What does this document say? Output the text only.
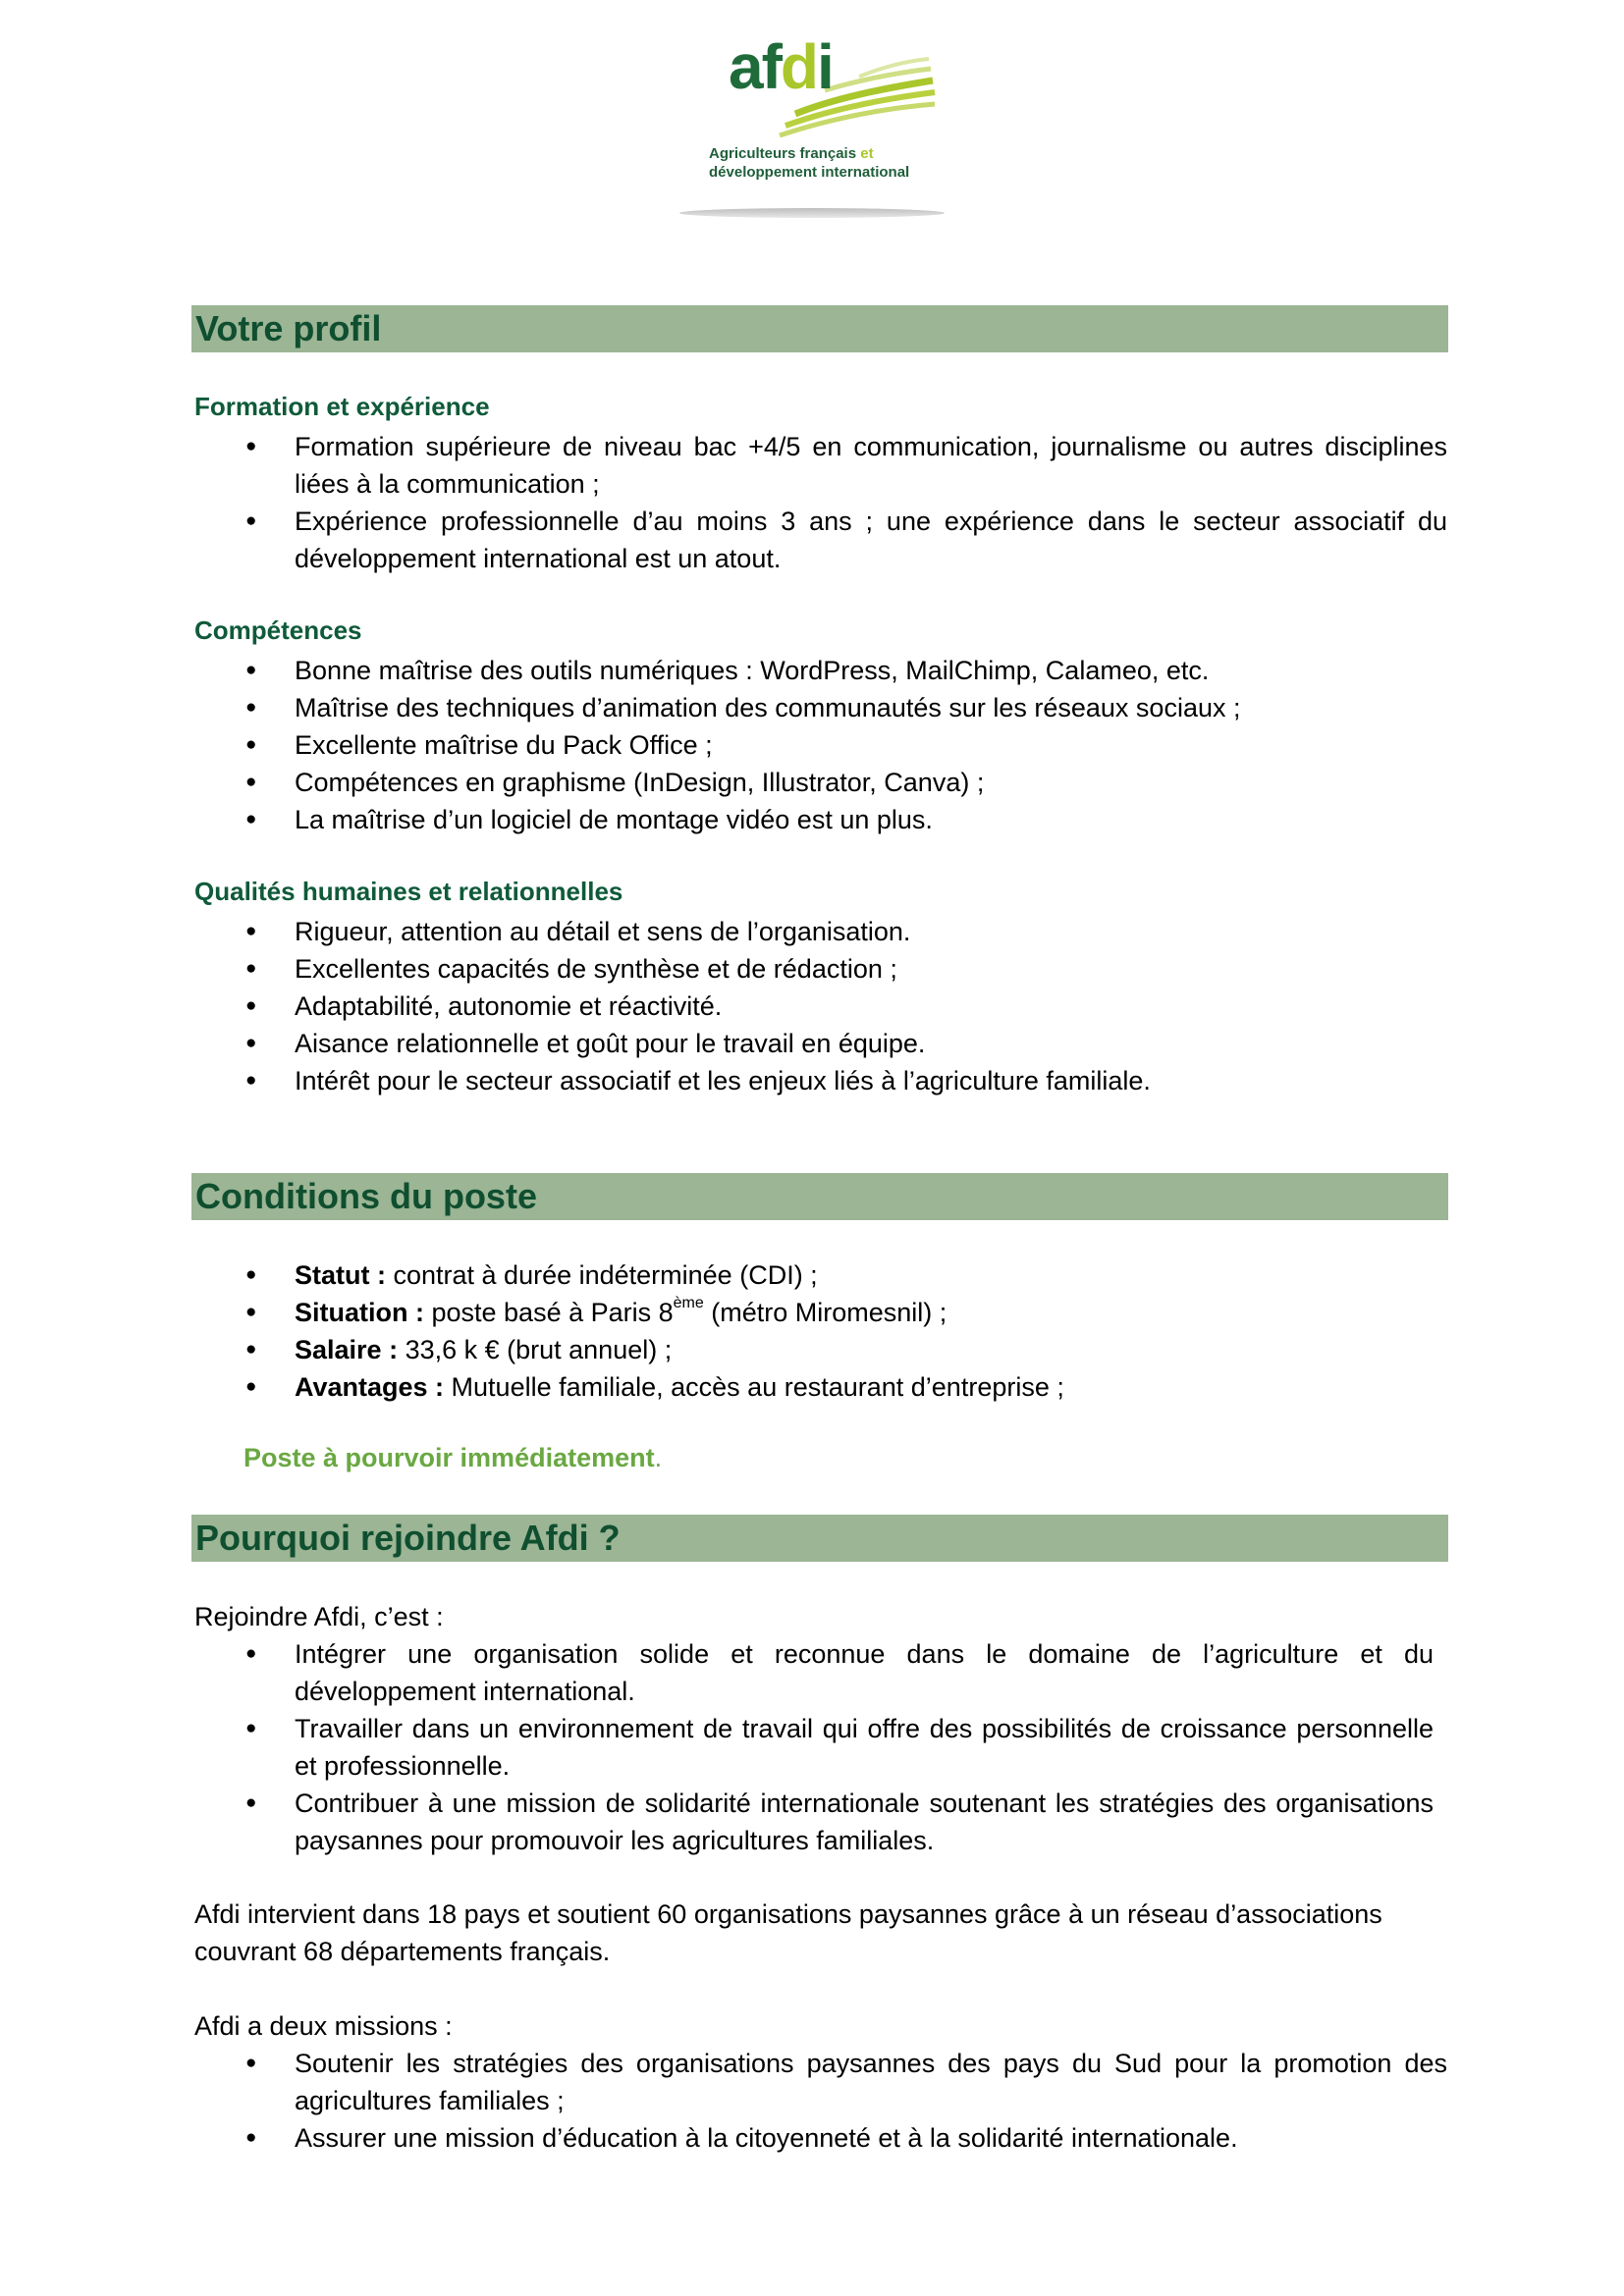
afdi
Agriculteurs français et
développement international
Votre profil
Formation et expérience
● Formation supérieure de niveau bac +4/5 en communication, journalisme ou autres disciplines liées à la communication ;
● Expérience professionnelle d’au moins 3 ans ; une expérience dans le secteur associatif du développement international est un atout.
Compétences
● Bonne maîtrise des outils numériques : WordPress, MailChimp, Calameo, etc.
● Maîtrise des techniques d’animation des communautés sur les réseaux sociaux ;
● Excellente maîtrise du Pack Office ;
● Compétences en graphisme (InDesign, Illustrator, Canva) ;
● La maîtrise d’un logiciel de montage vidéo est un plus.
Qualités humaines et relationnelles
● Rigueur, attention au détail et sens de l’organisation.
● Excellentes capacités de synthèse et de rédaction ;
● Adaptabilité, autonomie et réactivité.
● Aisance relationnelle et goût pour le travail en équipe.
● Intérêt pour le secteur associatif et les enjeux liés à l’agriculture familiale.
Conditions du poste
● Statut : contrat à durée indéterminée (CDI) ;
● Situation : poste basé à Paris 8ème (métro Miromesnil) ;
● Salaire : 33,6 k € (brut annuel) ;
● Avantages : Mutuelle familiale, accès au restaurant d’entreprise ;
Poste à pourvoir immédiatement.
Pourquoi rejoindre Afdi ?
Rejoindre Afdi, c’est :
● Intégrer une organisation solide et reconnue dans le domaine de l’agriculture et du développement international.
● Travailler dans un environnement de travail qui offre des possibilités de croissance personnelle et professionnelle.
● Contribuer à une mission de solidarité internationale soutenant les stratégies des organisations paysannes pour promouvoir les agricultures familiales.
Afdi intervient dans 18 pays et soutient 60 organisations paysannes grâce à un réseau d’associations couvrant 68 départements français.
Afdi a deux missions :
● Soutenir les stratégies des organisations paysannes des pays du Sud pour la promotion des agricultures familiales ;
● Assurer une mission d’éducation à la citoyenneté et à la solidarité internationale.
